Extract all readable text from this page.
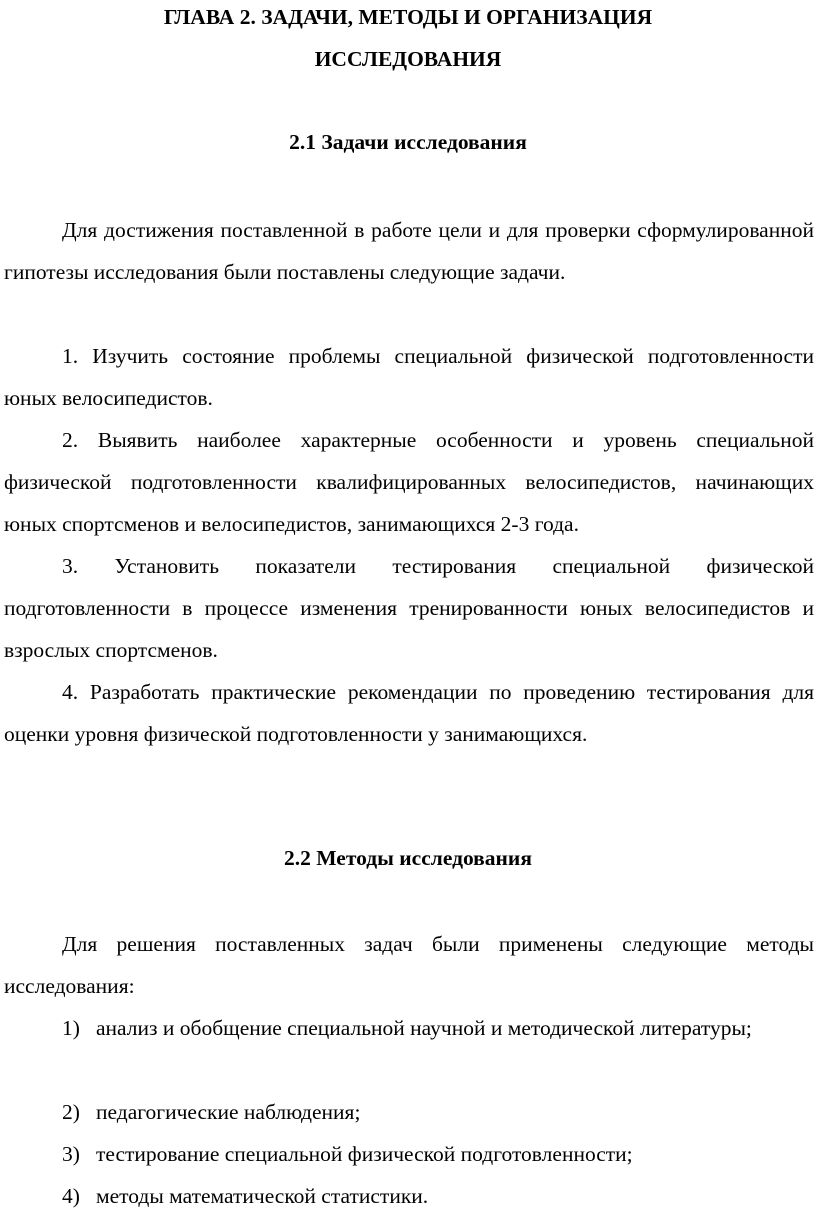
ГЛАВА 2. ЗАДАЧИ, МЕТОДЫ И ОРГАНИЗАЦИЯ
ИССЛЕДОВАНИЯ
2.1 Задачи исследования

Для достижения поставленной в работе цели и для проверки сформулированной гипотезы исследования были поставлены следующие задачи.

1. Изучить состояние проблемы специальной физической подготовленности юных велосипедистов.

2. Выявить наиболее характерные особенности и уровень специальной физической подготовленности квалифицированных велосипедистов, начинающих юных спортсменов и велосипедистов, занимающихся 2-3 года.

3. Установить показатели тестирования специальной физической подготовленности в процессе изменения тренированности юных велосипедистов и взрослых спортсменов.

4. Разработать практические рекомендации по проведению тестирования для оценки уровня физической подготовленности у занимающихся.

2.2 Методы исследования

Для решения поставленных задач были применены следующие методы исследования:

1) анализ и обобщение специальной научной и методической литературы;
2) педагогические наблюдения;
3) тестирование специальной физической подготовленности;
4) методы математической статистики.
